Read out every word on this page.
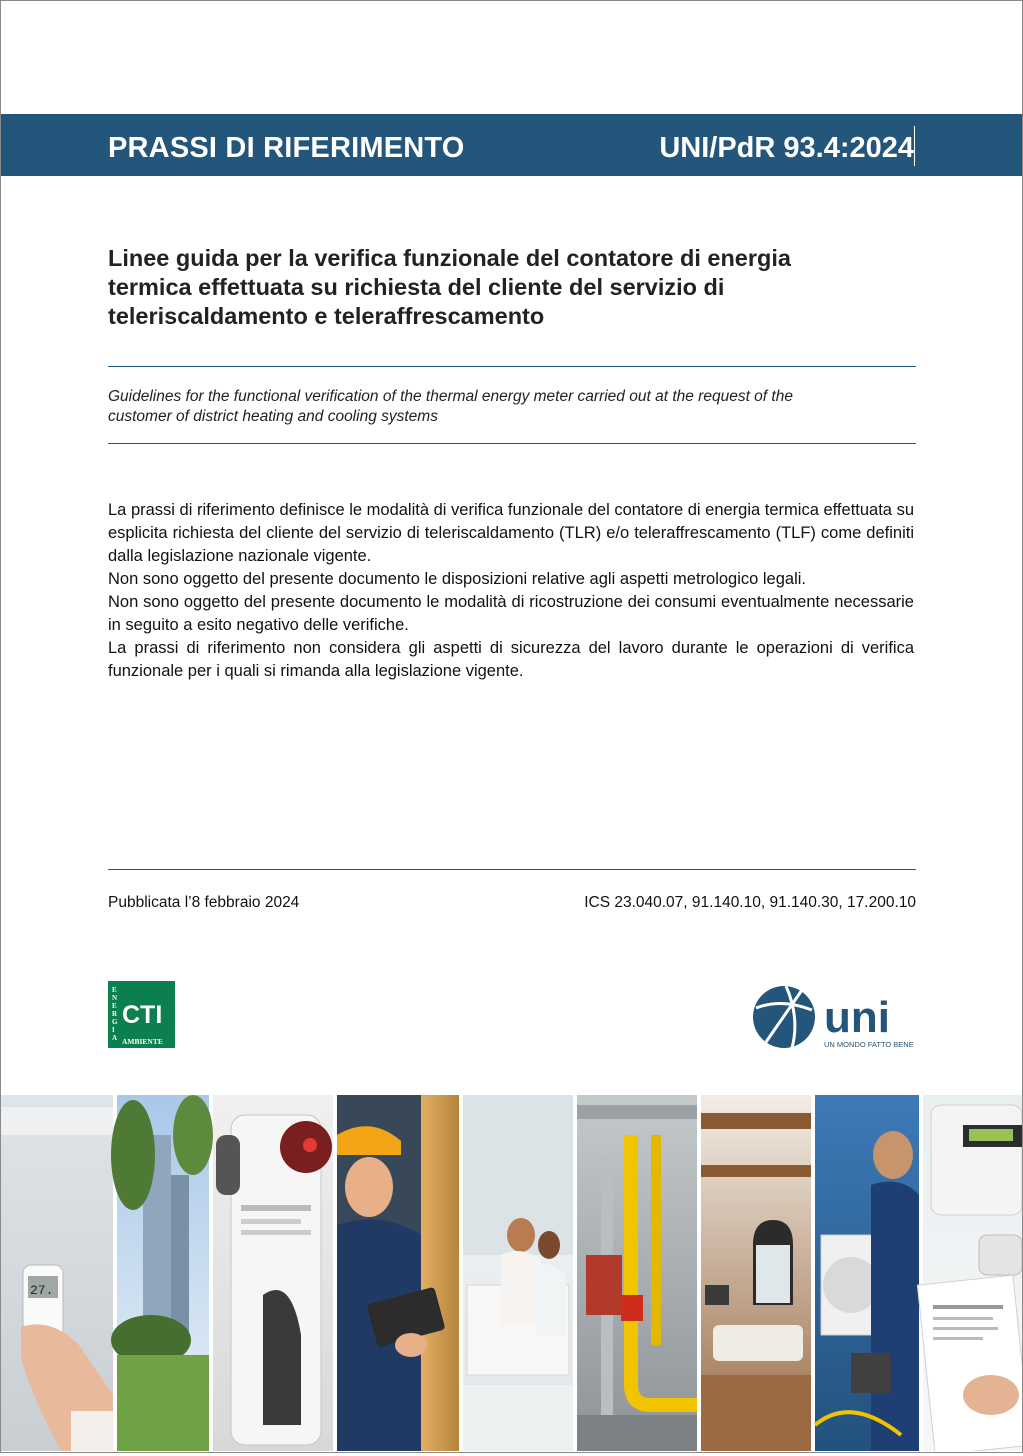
PRASSI DI RIFERIMENTO	UNI/PdR 93.4:2024
Linee guida per la verifica funzionale del contatore di energia
termica effettuata su richiesta del cliente del servizio di
teleriscaldamento e teleraffrescamento
Guidelines for the functional verification of the thermal energy meter carried out at the request of the
customer of district heating and cooling systems

La prassi di riferimento definisce le modalità di verifica funzionale del contatore di energia termica effettuata su esplicita richiesta del cliente del servizio di teleriscaldamento (TLR) e/o teleraffrescamento (TLF) come definiti dalla legislazione nazionale vigente.

Non sono oggetto del presente documento le disposizioni relative agli aspetti metrologico legali.

Non sono oggetto del presente documento le modalità di ricostruzione dei consumi eventualmente necessarie in seguito a esito negativo delle verifiche.

La prassi di riferimento non considera gli aspetti di sicurezza del lavoro durante le operazioni di verifica funzionale per i quali si rimanda alla legislazione vigente.

Pubblicata l’8 febbraio 2024	ICS 23.040.07, 91.140.10, 91.140.30, 17.200.10
E
N
E
R
G
I
A
CTI
AMBIENTE	uni
UN MONDO FATTO BENE
27.
